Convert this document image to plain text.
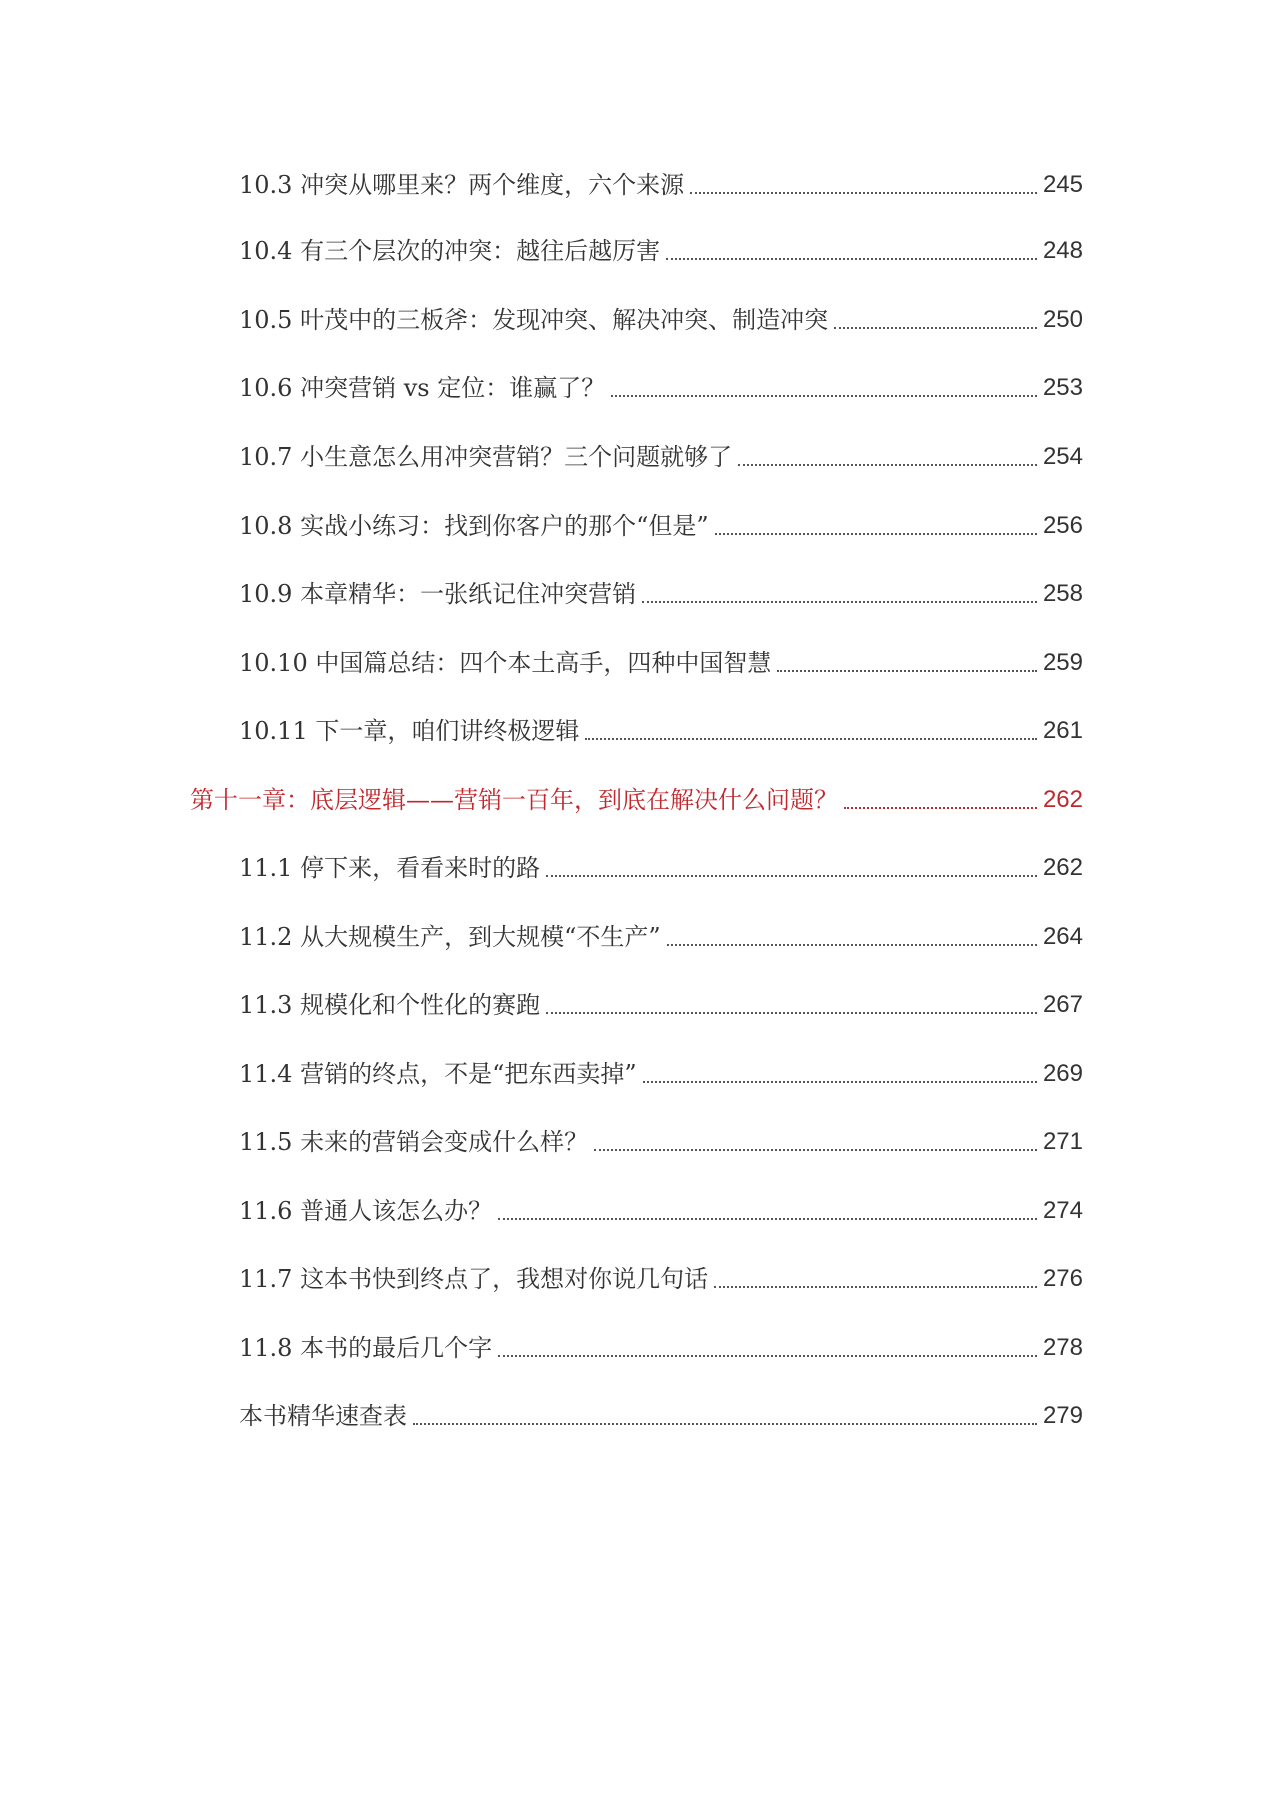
10.3 冲突从哪里来？两个维度，六个来源	245
10.4 有三个层次的冲突：越往后越厉害	248
10.5 叶茂中的三板斧：发现冲突、解决冲突、制造冲突	250
10.6 冲突营销 vs 定位：谁赢了？	253
10.7 小生意怎么用冲突营销？三个问题就够了	254
10.8 实战小练习：找到你客户的那个“但是”	256
10.9 本章精华：一张纸记住冲突营销	258
10.10 中国篇总结：四个本土高手，四种中国智慧	259
10.11 下一章，咱们讲终极逻辑	261
第十一章：底层逻辑——营销一百年，到底在解决什么问题？	262
11.1 停下来，看看来时的路	262
11.2 从大规模生产，到大规模“不生产”	264
11.3 规模化和个性化的赛跑	267
11.4 营销的终点，不是“把东西卖掉”	269
11.5 未来的营销会变成什么样？	271
11.6 普通人该怎么办？	274
11.7 这本书快到终点了，我想对你说几句话	276
11.8 本书的最后几个字	278
本书精华速查表	279
